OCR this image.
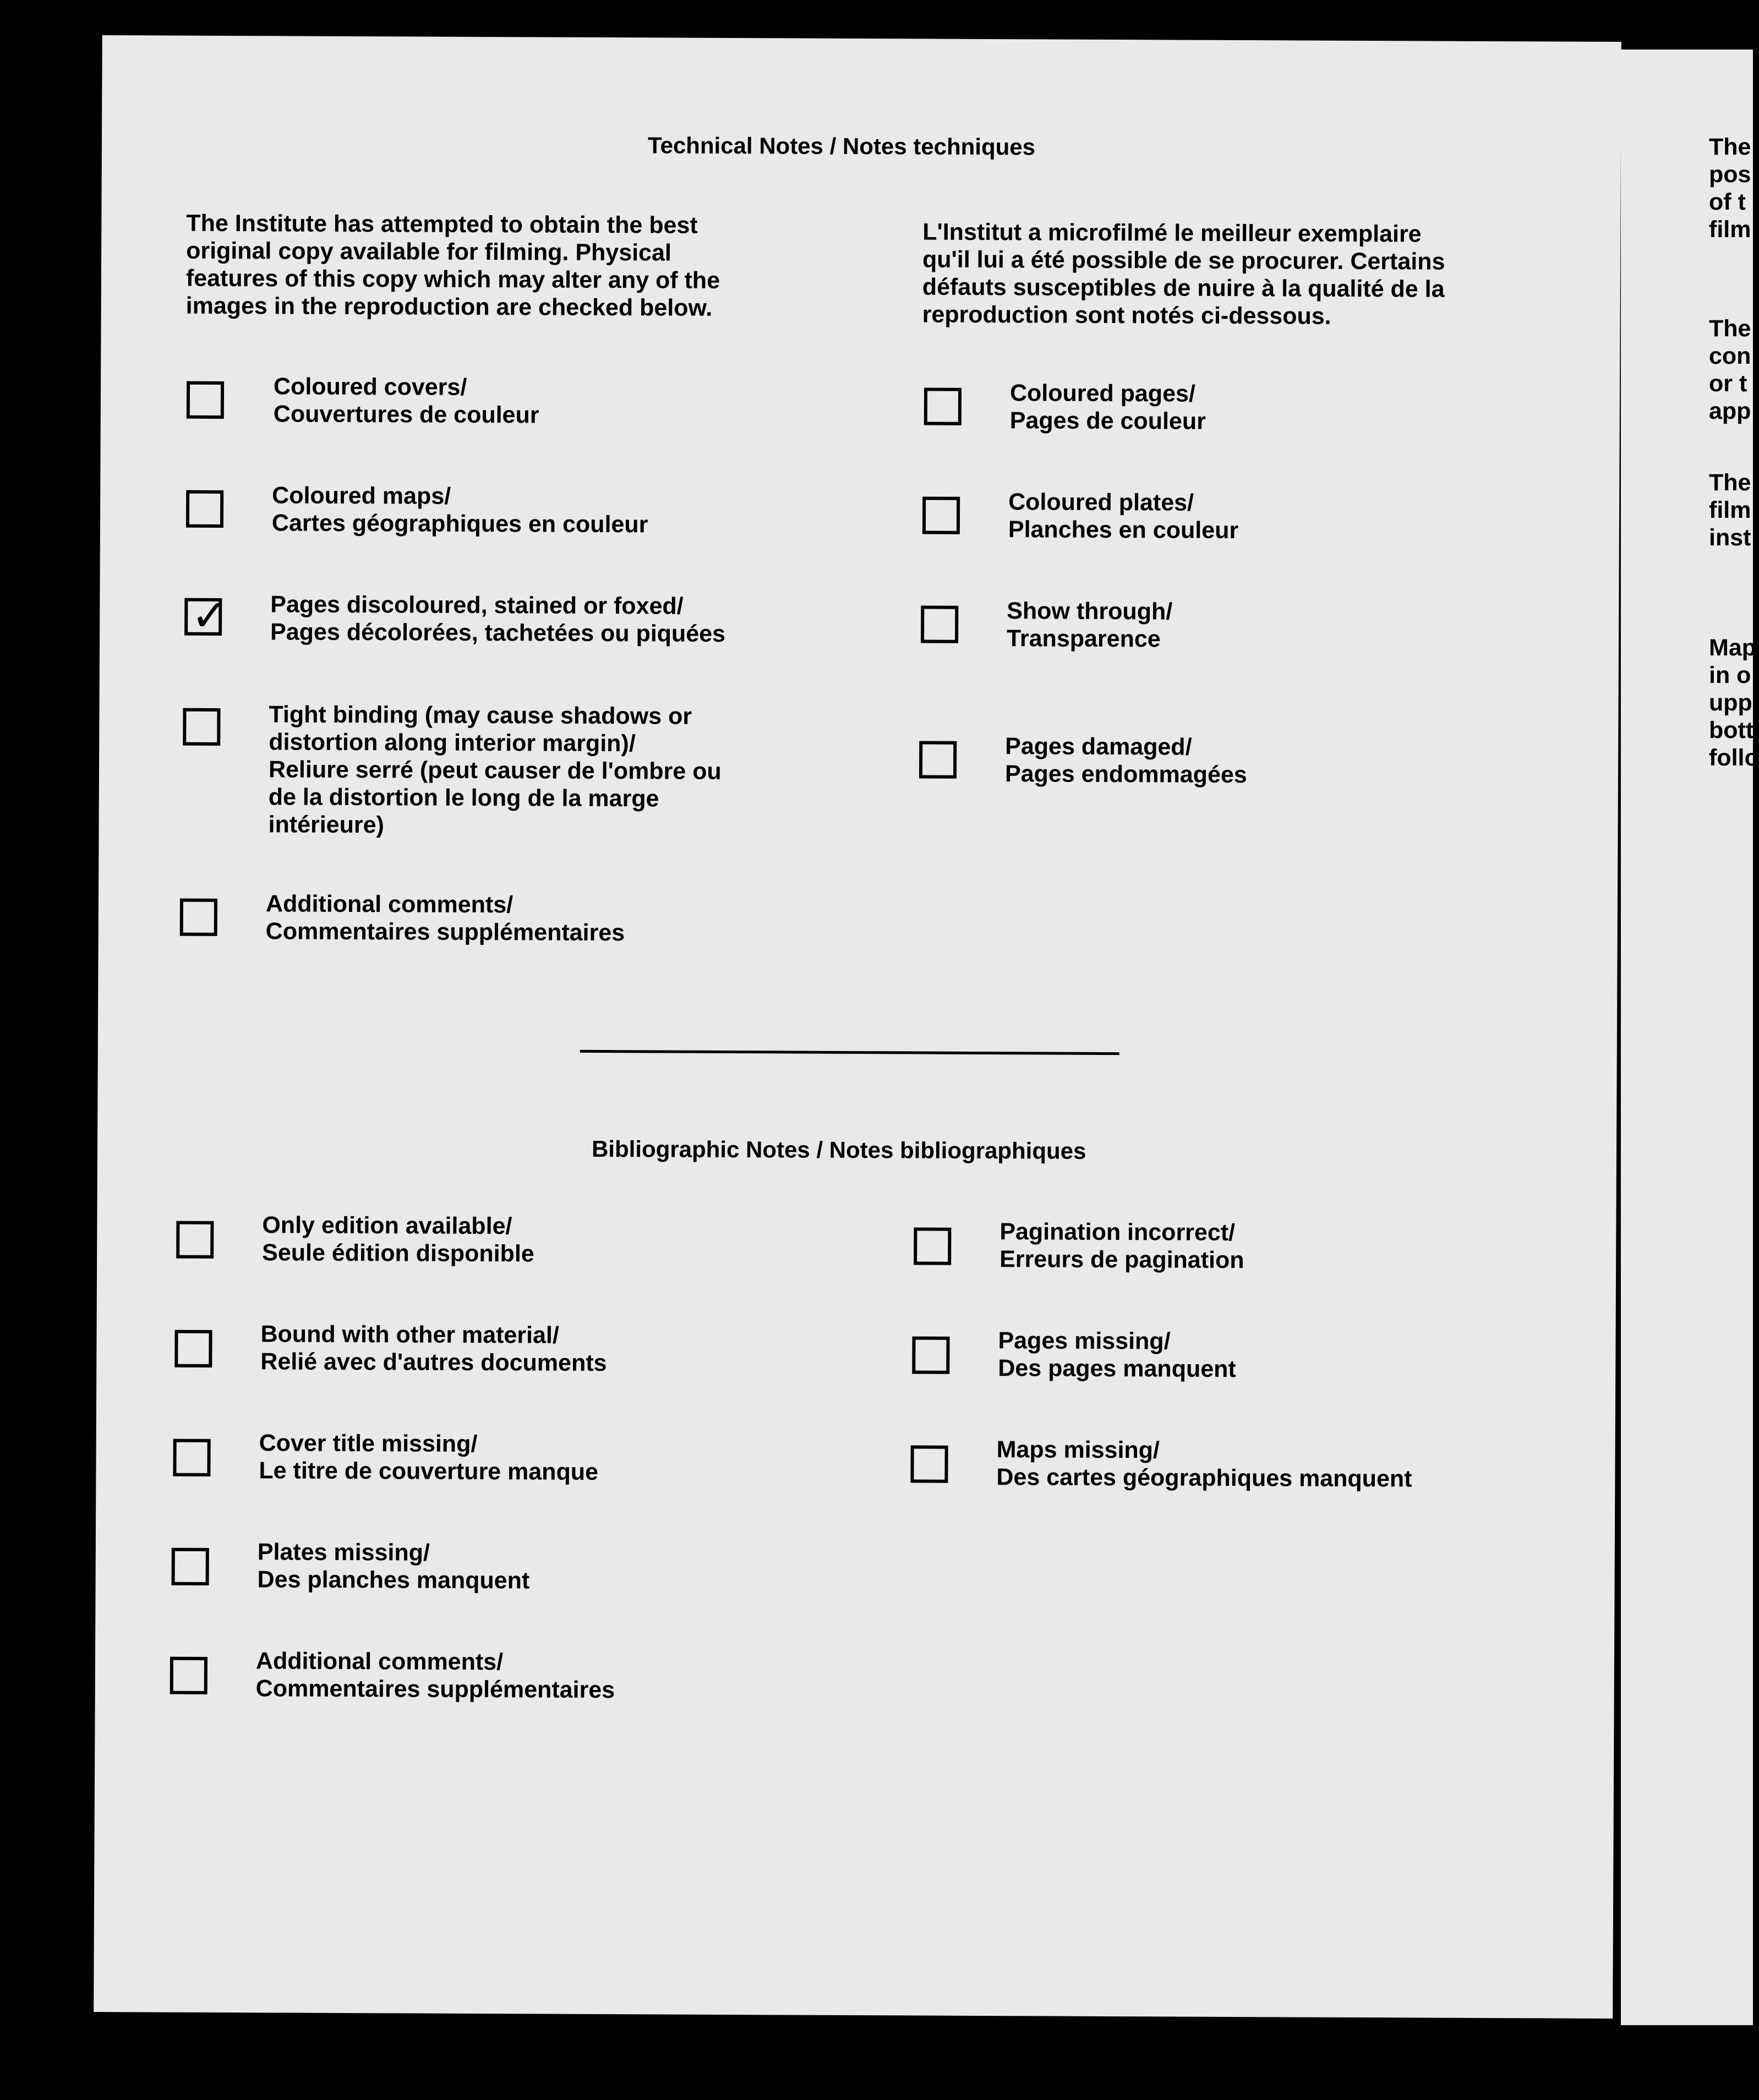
The
pos
of t
film
The
con
or t
app
The
film
inst
Map
in o
upp
bott
follo
Technical Notes / Notes techniques
The Institute has attempted to obtain the best
original copy available for filming. Physical
features of this copy which may alter any of the
images in the reproduction are checked below.
L'Institut a microfilmé le meilleur exemplaire
qu'il lui a été possible de se procurer. Certains
défauts susceptibles de nuire à la qualité de la
reproduction sont notés ci-dessous.
Coloured covers/
Couvertures de couleur
Coloured maps/
Cartes géographiques en couleur
✓ Pages discoloured, stained or foxed/
Pages décolorées, tachetées ou piquées
Tight binding (may cause shadows or
distortion along interior margin)/
Reliure serré (peut causer de l'ombre ou
de la distortion le long de la marge
intérieure)
Additional comments/
Commentaires supplémentaires
Coloured pages/
Pages de couleur
Coloured plates/
Planches en couleur
Show through/
Transparence
Pages damaged/
Pages endommagées
Bibliographic Notes / Notes bibliographiques
Only edition available/
Seule édition disponible
Bound with other material/
Relié avec d'autres documents
Cover title missing/
Le titre de couverture manque
Plates missing/
Des planches manquent
Additional comments/
Commentaires supplémentaires
Pagination incorrect/
Erreurs de pagination
Pages missing/
Des pages manquent
Maps missing/
Des cartes géographiques manquent
